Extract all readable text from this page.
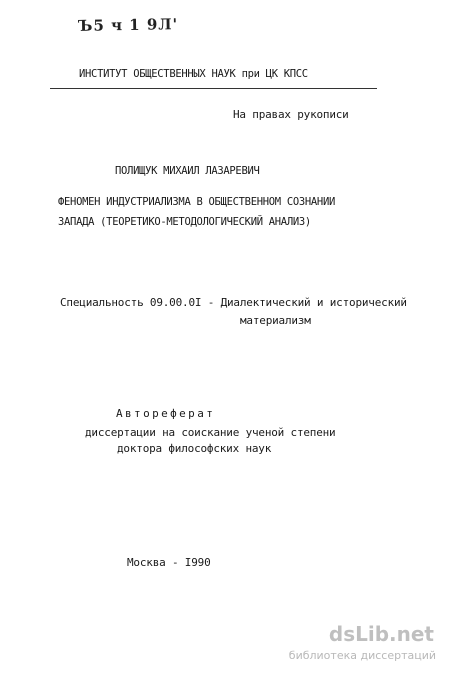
Ъ5 ч 1 9Л'
ИНСТИТУТ ОБЩЕСТВЕННЫХ НАУК при ЦК КПСС
На правах рукописи
ПОЛИЩУК МИХАИЛ ЛАЗАРЕВИЧ
ФЕНОМЕН ИНДУСТРИАЛИЗМА В ОБЩЕСТВЕННОМ СОЗНАНИИ
ЗАПАДА (ТЕОРЕТИКО-МЕТОДОЛОГИЧЕСКИЙ АНАЛИЗ)
Специальность 09.00.0I - Диалектический и исторический
материализм
Автореферат
диссертации на соискание ученой степени
доктора философских наук
Москва - I990
dsLib.net
библиотека диссертаций
